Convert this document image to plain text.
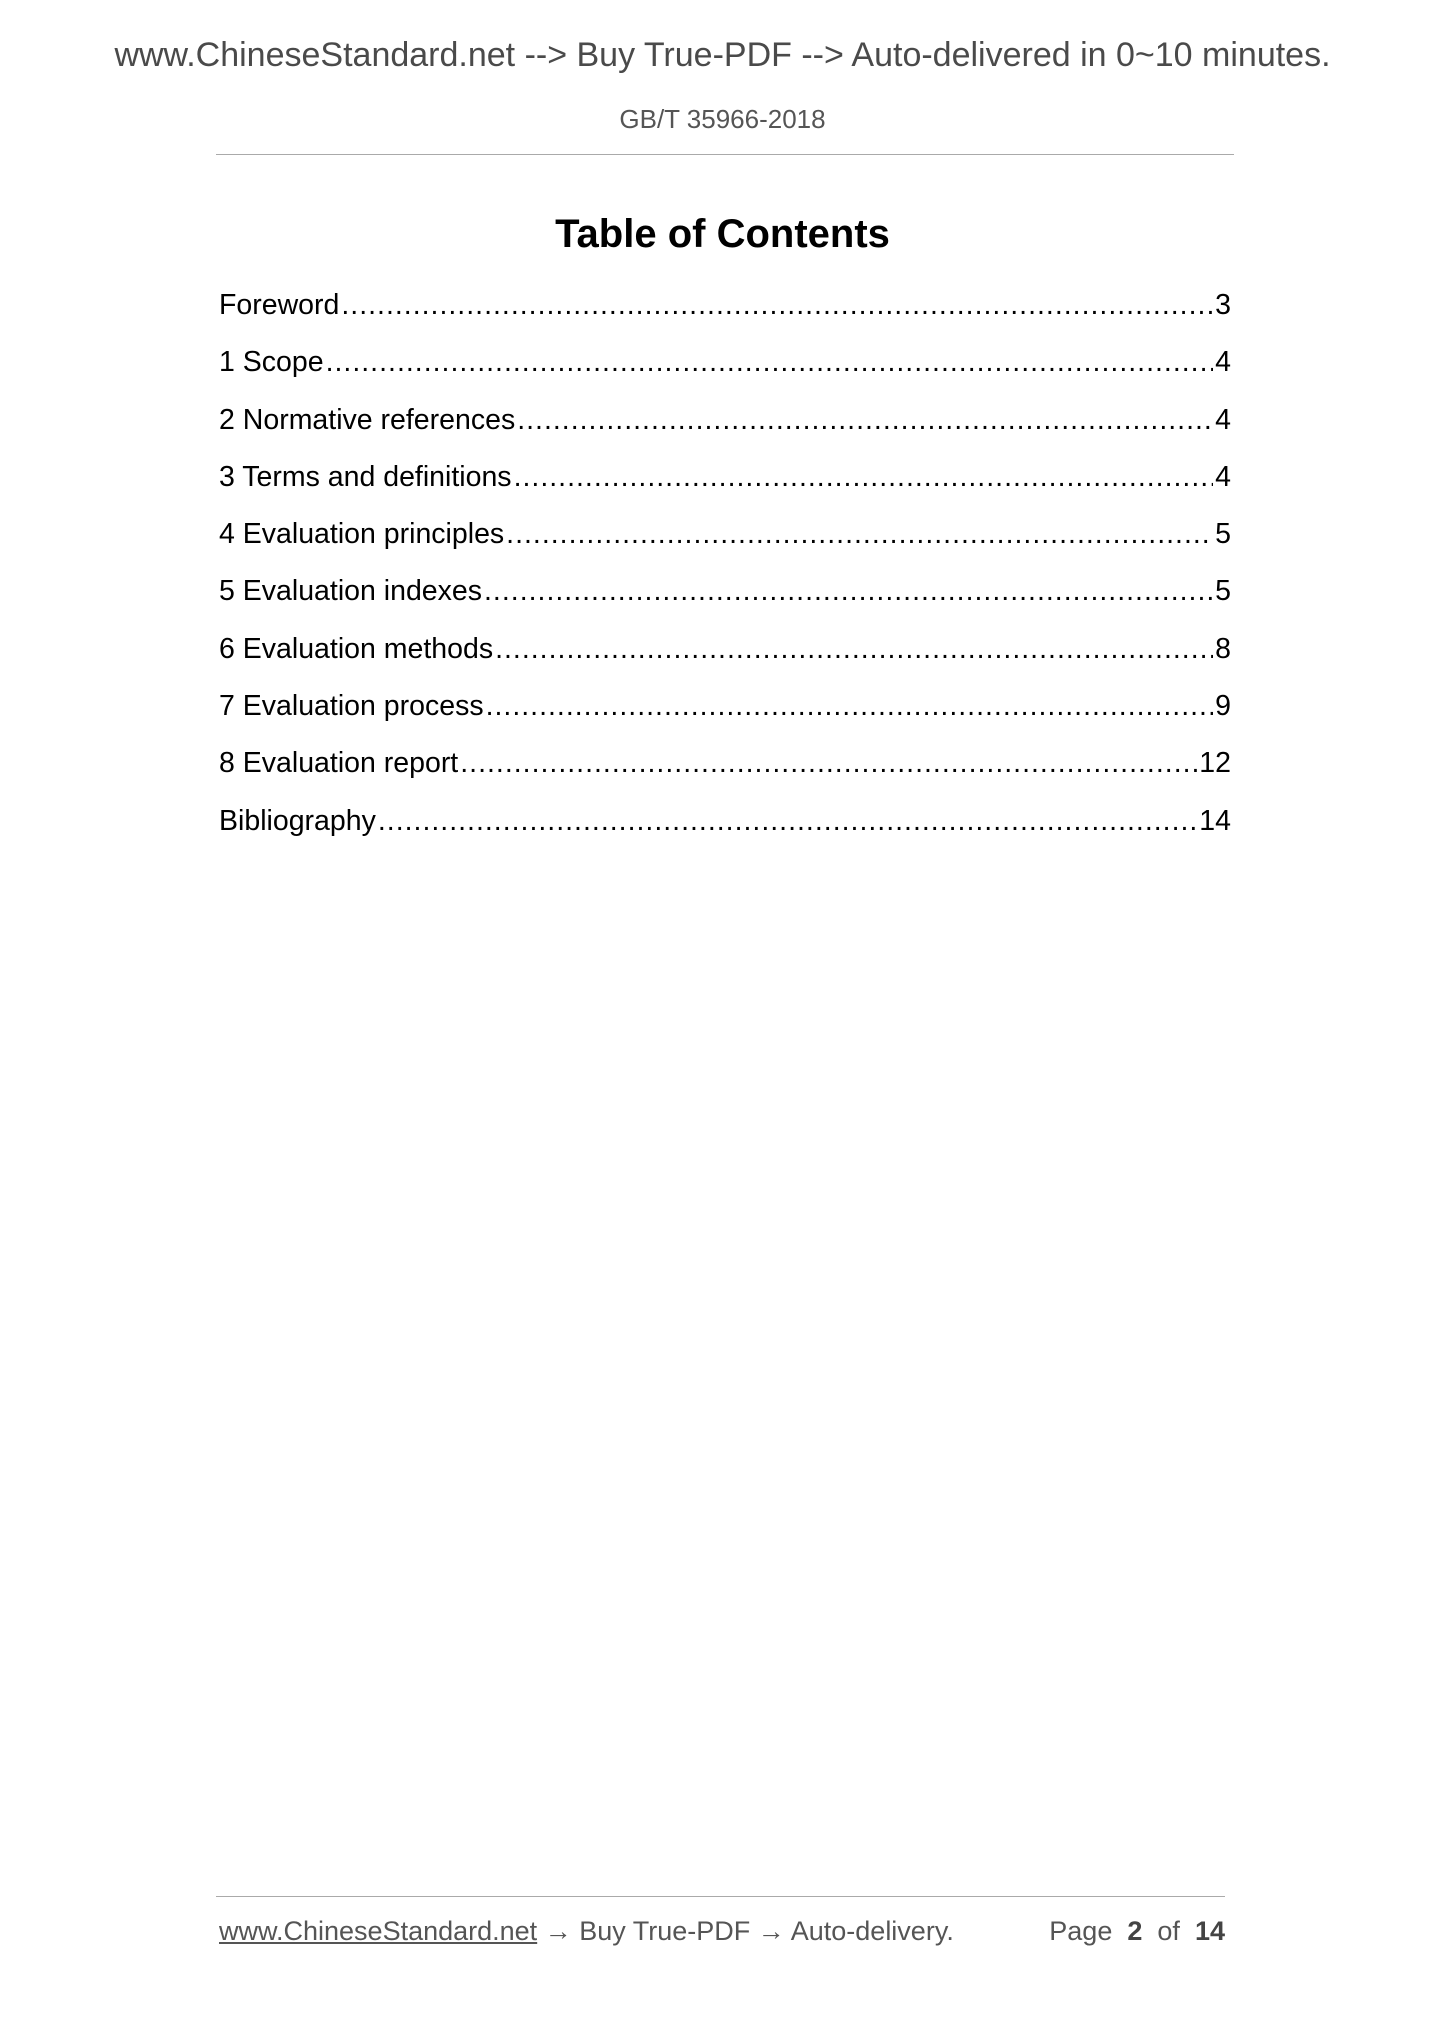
www.ChineseStandard.net --> Buy True-PDF --> Auto-delivered in 0~10 minutes.
GB/T 35966-2018
Table of Contents
Foreword .....	3
1 Scope .....	4
2 Normative references .....	4
3 Terms and definitions .....	4
4 Evaluation principles .....	5
5 Evaluation indexes .....	5
6 Evaluation methods .....	8
7 Evaluation process .....	9
8 Evaluation report .....	12
Bibliography .....	14
www.ChineseStandard.net → Buy True-PDF → Auto-delivery.	Page 2 of 14
